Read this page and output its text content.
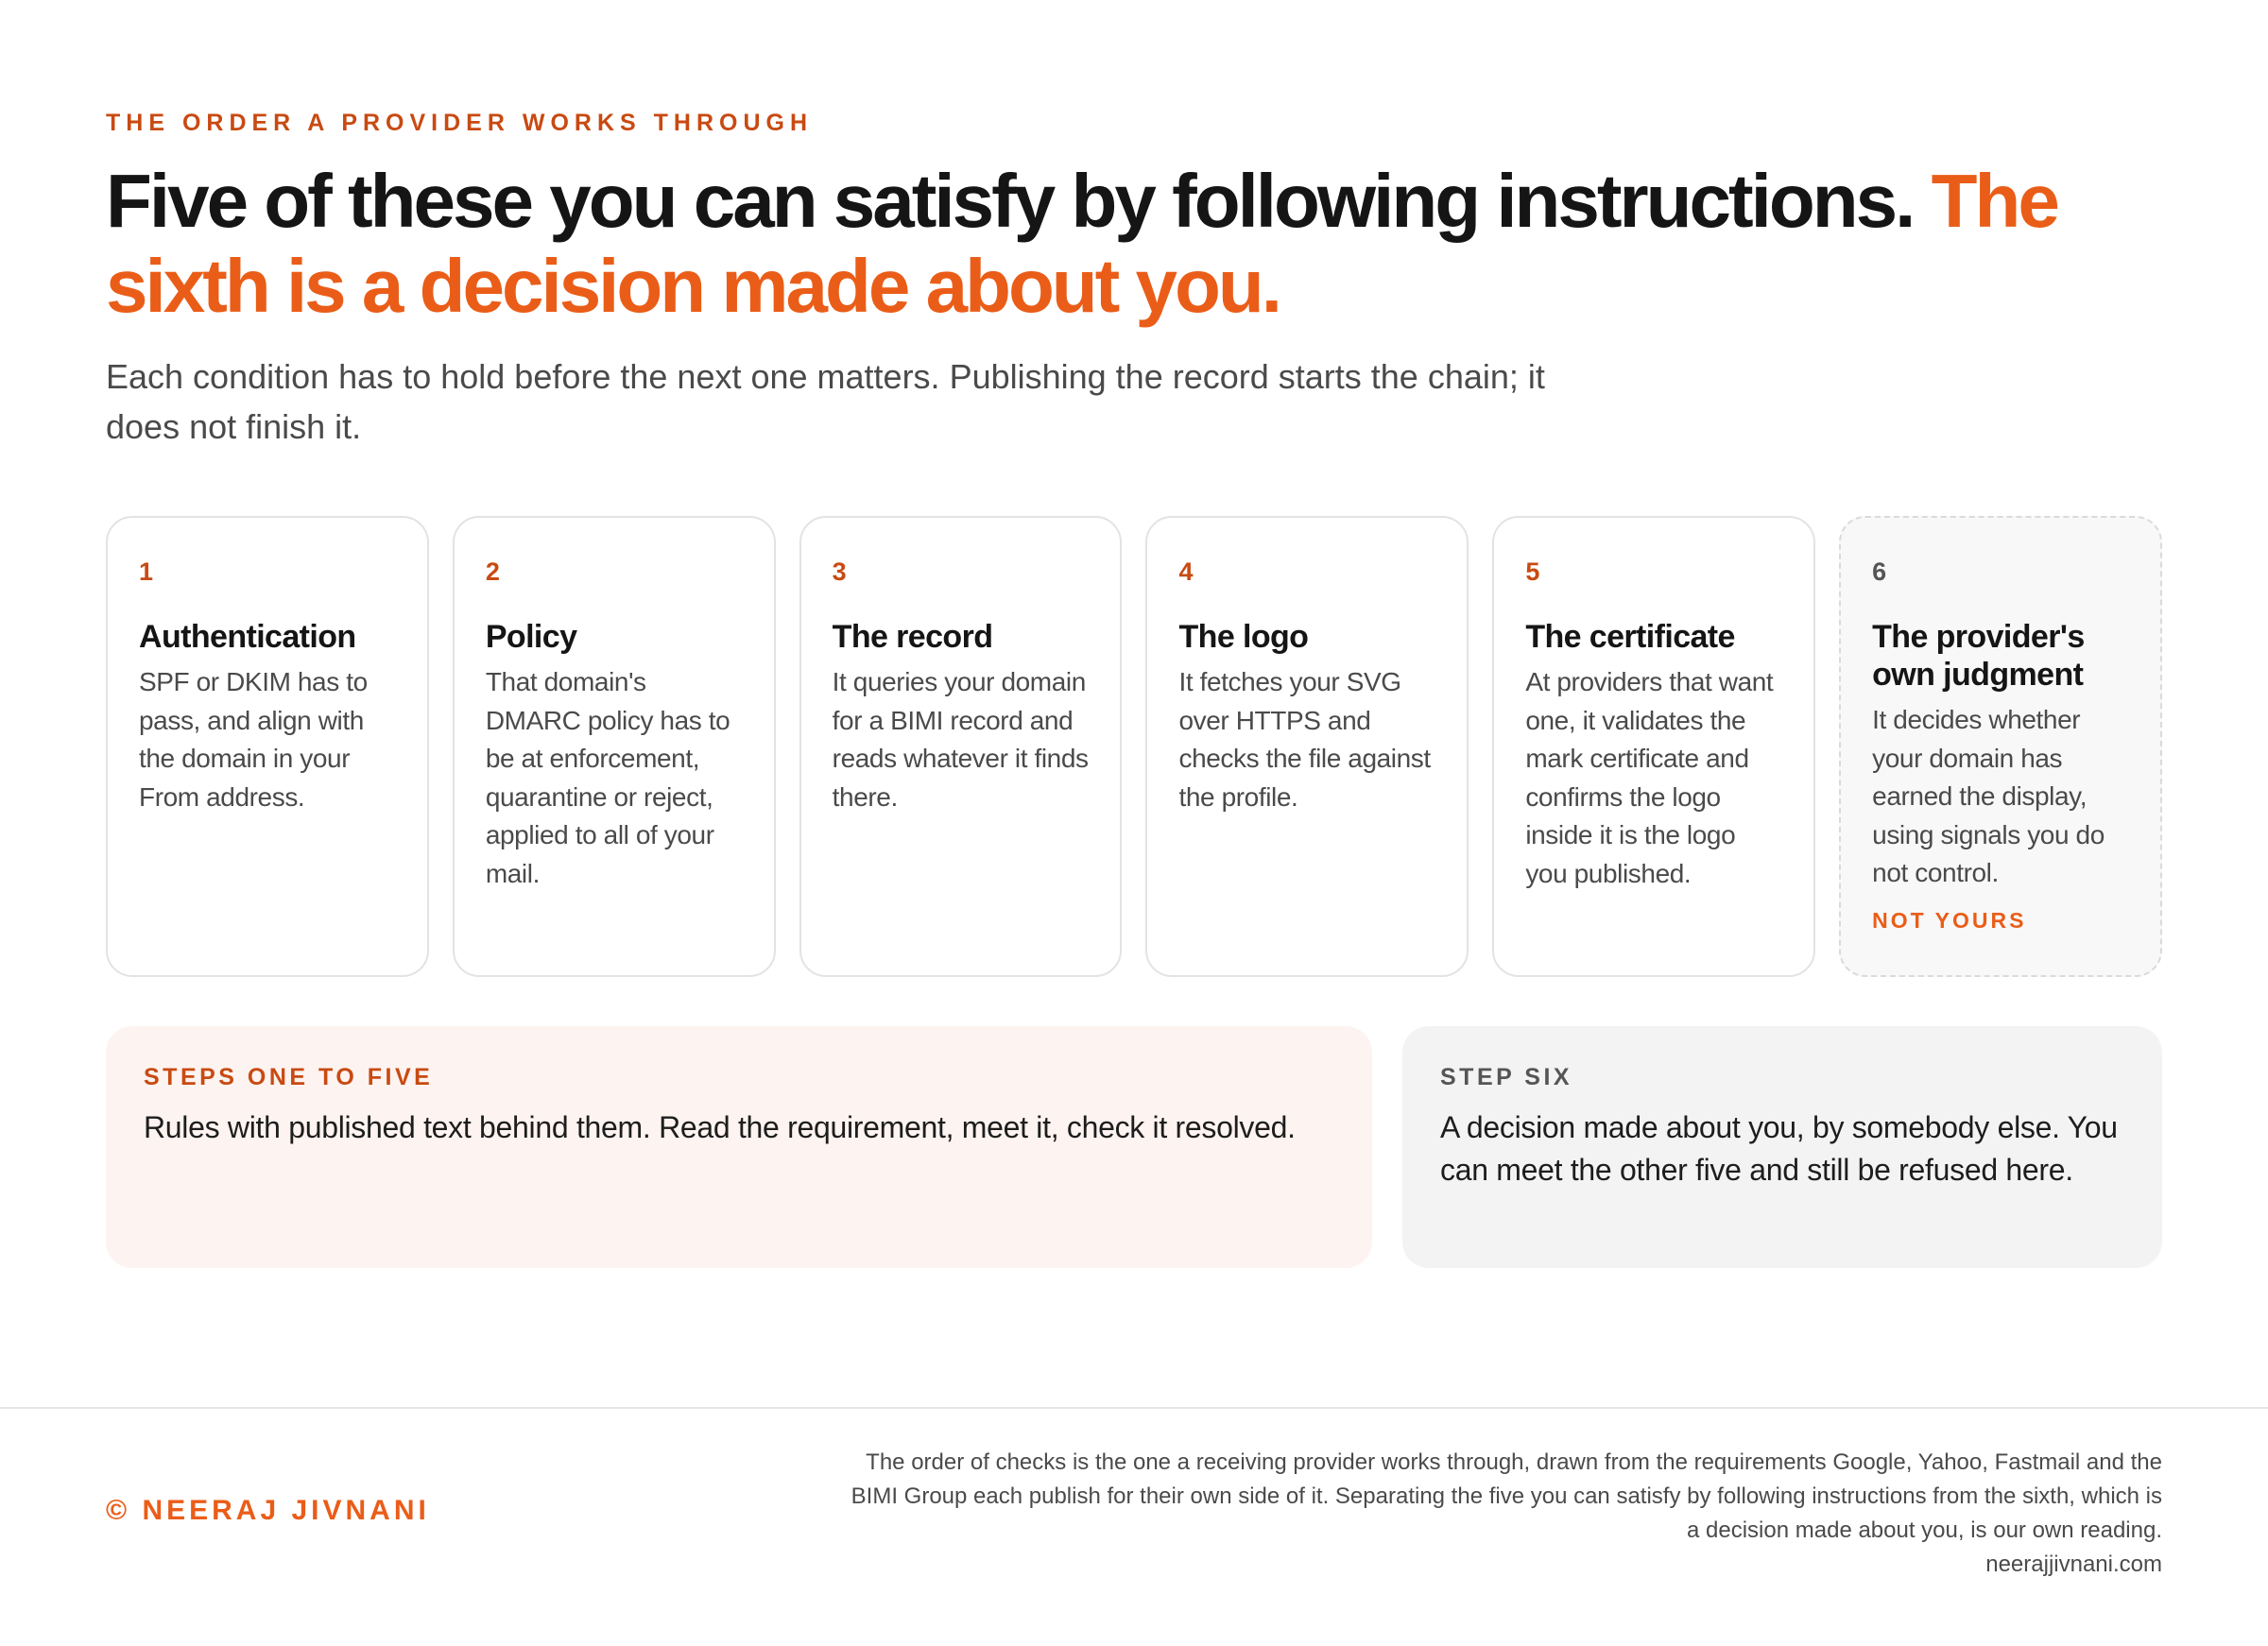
THE ORDER A PROVIDER WORKS THROUGH
Five of these you can satisfy by following instructions. The sixth is a decision made about you.

Each condition has to hold before the next one matters. Publishing the record starts the chain; it does not finish it.

1
Authentication
SPF or DKIM has to pass, and align with the domain in your From address.
2
Policy
That domain's DMARC policy has to be at enforcement, quarantine or reject, applied to all of your mail.
3
The record
It queries your domain for a BIMI record and reads whatever it finds there.
4
The logo
It fetches your SVG over HTTPS and checks the file against the profile.
5
The certificate
At providers that want one, it validates the mark certificate and confirms the logo inside it is the logo you published.
6
The provider's own judgment
It decides whether your domain has earned the display, using signals you do not control.
NOT YOURS
STEPS ONE TO FIVE
Rules with published text behind them. Read the requirement, meet it, check it resolved.
STEP SIX
A decision made about you, by somebody else. You can meet the other five and still be refused here.
© NEERAJ JIVNANI
The order of checks is the one a receiving provider works through, drawn from the requirements Google, Yahoo, Fastmail and the BIMI Group each publish for their own side of it. Separating the five you can satisfy by following instructions from the sixth, which is a decision made about you, is our own reading.
neerajjivnani.com
